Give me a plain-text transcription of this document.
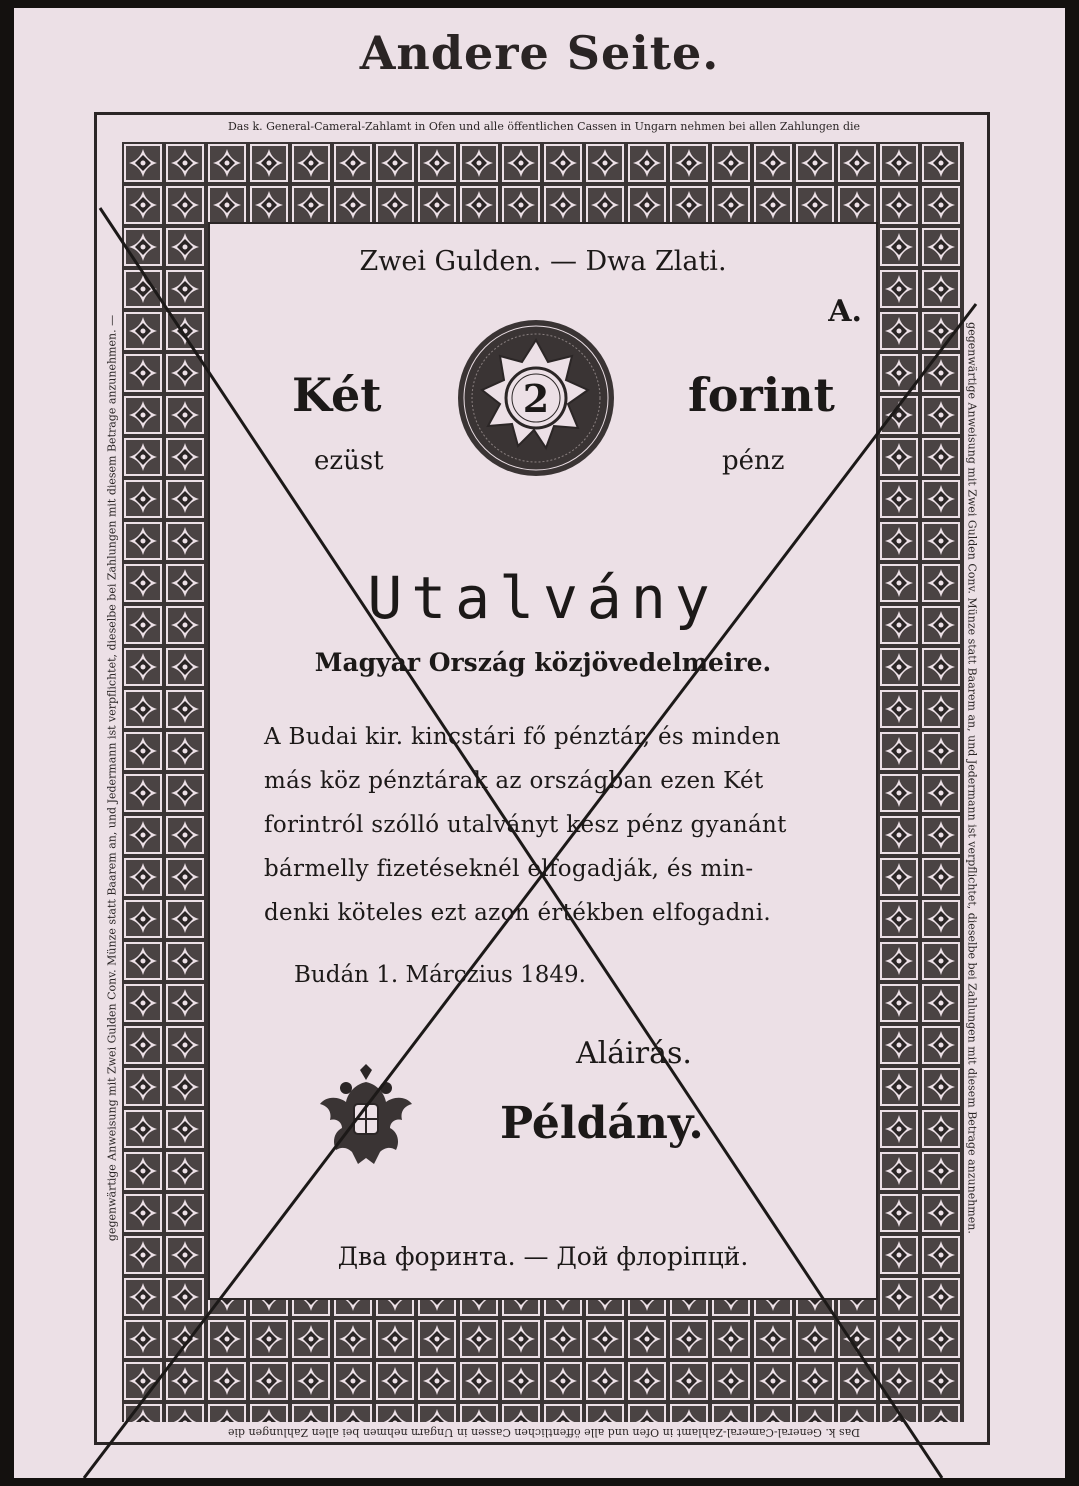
Andere Seite.
Das k. General-Cameral-Zahlamt in Ofen und alle öffentlichen Cassen in Ungarn nehmen bei allen Zahlungen die
Das k. General-Cameral-Zahlamt in Ofen und alle öffentlichen Cassen in Ungarn nehmen bei allen Zahlungen die
gegenwärtige Anweisung mit Zwei Gulden Conv. Münze statt Baarem an, und Jedermann ist verpflichtet, dieselbe bei Zahlungen mit diesem Betrage anzunehmen. —	gegenwärtige Anweisung mit Zwei Gulden Conv. Münze statt Baarem an, und Jedermann ist verpflichtet, dieselbe bei Zahlungen mit diesem Betrage anzunehmen.
Zwei Gulden. — Dwa Zlati.
A.
Két	forint
ezüst	pénz
2
Utalvány
Magyar Ország közjövedelmeire.
A Budai kir. kincstári fő pénztár, és minden
más köz pénztárak az országban ezen Két
forintról szólló utalványt kész pénz gyanánt
bármelly fizetéseknél elfogadják, és min-
denki köteles ezt azon értékben elfogadni.
Budán 1. Márczius 1849.
Aláirás.
Példány.
Два форинта. — Дой флоріпцй.
